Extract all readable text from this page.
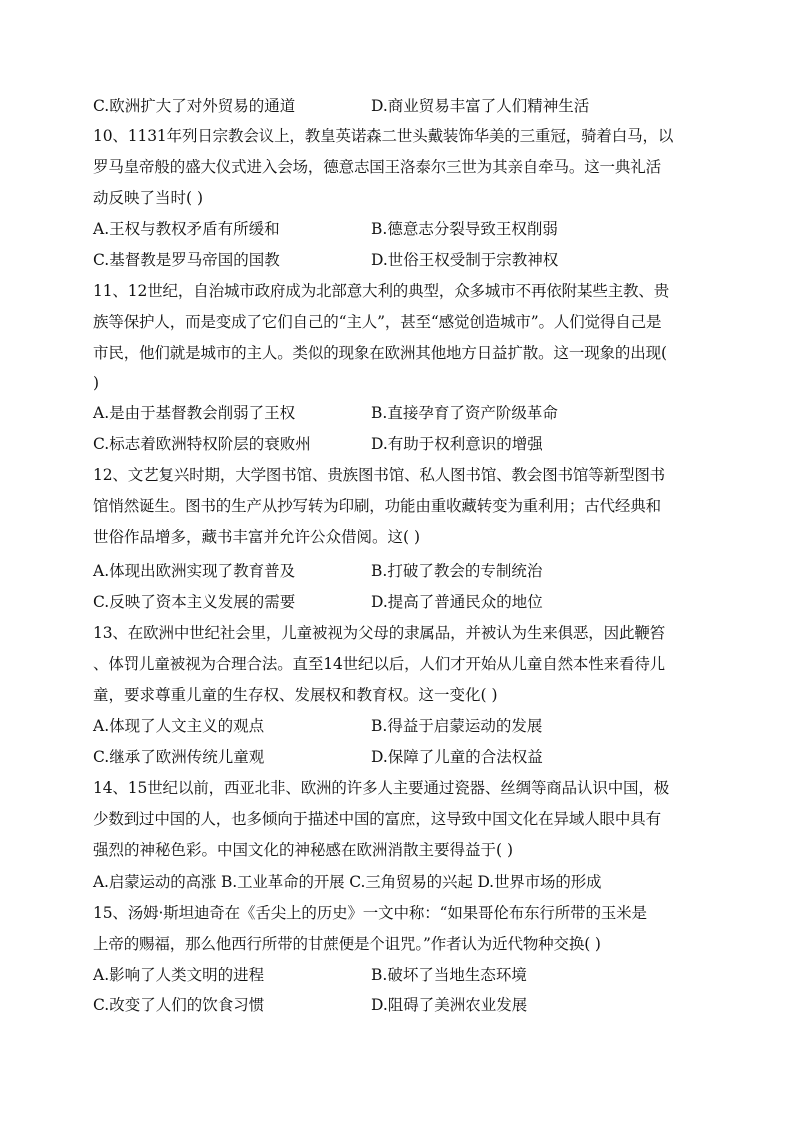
C.欧洲扩大了对外贸易的通道	D.商业贸易丰富了人们精神生活
10、1131年列日宗教会议上，教皇英诺森二世头戴装饰华美的三重冠，骑着白马，以
罗马皇帝般的盛大仪式进入会场，德意志国王洛泰尔三世为其亲自牵马。这一典礼活
动反映了当时( )
A.王权与教权矛盾有所缓和	B.德意志分裂导致王权削弱
C.基督教是罗马帝国的国教	D.世俗王权受制于宗教神权
11、12世纪，自治城市政府成为北部意大利的典型，众多城市不再依附某些主教、贵
族等保护人，而是变成了它们自己的“主人”，甚至“感觉创造城市”。人们觉得自己是
市民，他们就是城市的主人。类似的现象在欧洲其他地方日益扩散。这一现象的出现(
)
A.是由于基督教会削弱了王权	B.直接孕育了资产阶级革命
C.标志着欧洲特权阶层的衰败州	D.有助于权利意识的增强
12、文艺复兴时期，大学图书馆、贵族图书馆、私人图书馆、教会图书馆等新型图书
馆悄然诞生。图书的生产从抄写转为印刷，功能由重收藏转变为重利用；古代经典和
世俗作品增多，藏书丰富并允许公众借阅。这( )
A.体现出欧洲实现了教育普及	B.打破了教会的专制统治
C.反映了资本主义发展的需要	D.提高了普通民众的地位
13、在欧洲中世纪社会里，儿童被视为父母的隶属品，并被认为生来俱恶，因此鞭笞
、体罚儿童被视为合理合法。直至14世纪以后，人们才开始从儿童自然本性来看待儿
童，要求尊重儿童的生存权、发展权和教育权。这一变化( )
A.体现了人文主义的观点	B.得益于启蒙运动的发展
C.继承了欧洲传统儿童观	D.保障了儿童的合法权益
14、15世纪以前，西亚北非、欧洲的许多人主要通过瓷器、丝绸等商品认识中国，极
少数到过中国的人，也多倾向于描述中国的富庶，这导致中国文化在异域人眼中具有
强烈的神秘色彩。中国文化的神秘感在欧洲消散主要得益于( )
A.启蒙运动的高涨 B.工业革命的开展 C.三角贸易的兴起 D.世界市场的形成
15、汤姆·斯坦迪奇在《舌尖上的历史》一文中称：“如果哥伦布东行所带的玉米是
上帝的赐福，那么他西行所带的甘蔗便是个诅咒。”作者认为近代物种交换( )
A.影响了人类文明的进程	B.破坏了当地生态环境
C.改变了人们的饮食习惯	D.阻碍了美洲农业发展
